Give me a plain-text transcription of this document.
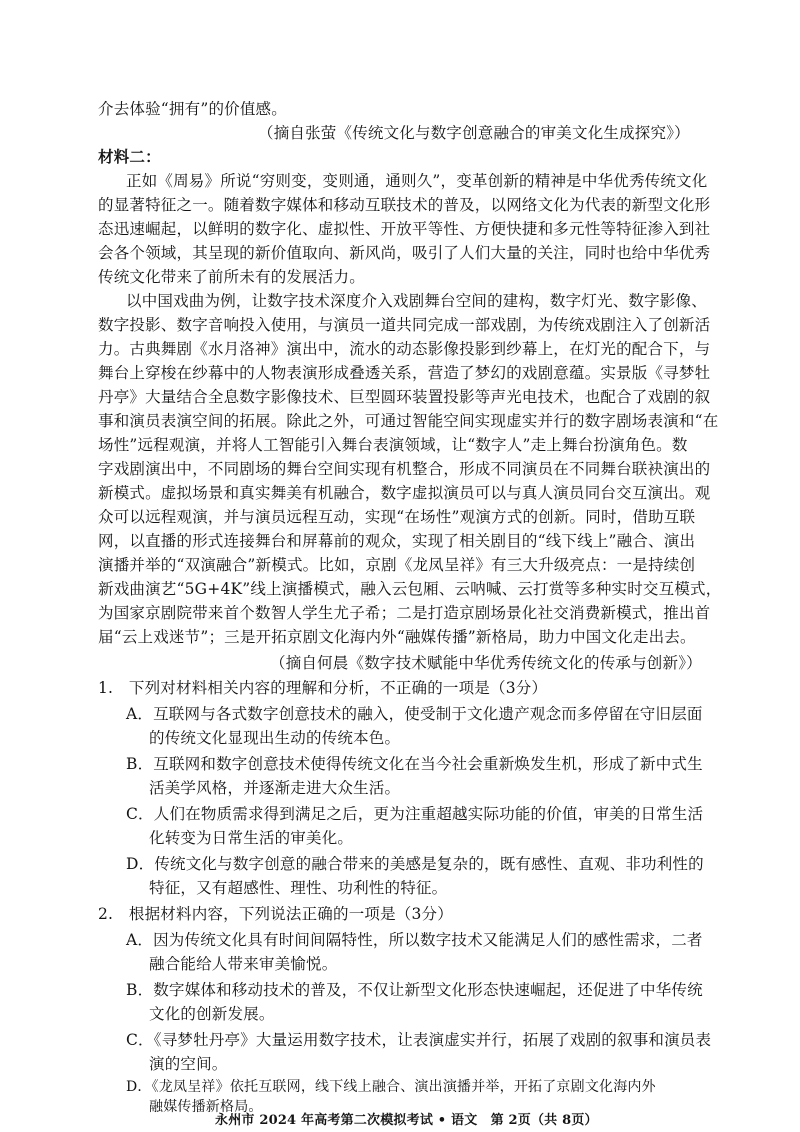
介去体验“拥有”的价值感。
（摘自张萤《传统文化与数字创意融合的审美文化生成探究》）
材料二：
正如《周易》所说“穷则变，变则通，通则久”，变革创新的精神是中华优秀传统文化
的显著特征之一。随着数字媒体和移动互联技术的普及，以网络文化为代表的新型文化形
态迅速崛起，以鲜明的数字化、虚拟性、开放平等性、方便快捷和多元性等特征渗入到社
会各个领域，其呈现的新价值取向、新风尚，吸引了人们大量的关注，同时也给中华优秀
传统文化带来了前所未有的发展活力。
以中国戏曲为例，让数字技术深度介入戏剧舞台空间的建构，数字灯光、数字影像、
数字投影、数字音响投入使用，与演员一道共同完成一部戏剧，为传统戏剧注入了创新活
力。古典舞剧《水月洛神》演出中，流水的动态影像投影到纱幕上，在灯光的配合下，与
舞台上穿梭在纱幕中的人物表演形成叠透关系，营造了梦幻的戏剧意蕴。实景版《寻梦牡
丹亭》大量结合全息数字影像技术、巨型圆环装置投影等声光电技术，也配合了戏剧的叙
事和演员表演空间的拓展。除此之外，可通过智能空间实现虚实并行的数字剧场表演和“在
场性”远程观演，并将人工智能引入舞台表演领域，让“数字人”走上舞台扮演角色。数
字戏剧演出中，不同剧场的舞台空间实现有机整合，形成不同演员在不同舞台联袂演出的
新模式。虚拟场景和真实舞美有机融合，数字虚拟演员可以与真人演员同台交互演出。观
众可以远程观演，并与演员远程互动，实现“在场性”观演方式的创新。同时，借助互联
网，以直播的形式连接舞台和屏幕前的观众，实现了相关剧目的“线下线上”融合、演出
演播并举的“双演融合”新模式。比如，京剧《龙凤呈祥》有三大升级亮点：一是持续创
新戏曲演艺“5G+4K”线上演播模式，融入云包厢、云呐喊、云打赏等多种实时交互模式，
为国家京剧院带来首个数智人学生尤子希；二是打造京剧场景化社交消费新模式，推出首
届“云上戏迷节”；三是开拓京剧文化海内外“融媒传播”新格局，助力中国文化走出去。
（摘自何晨《数字技术赋能中华优秀传统文化的传承与创新》）
1.　下列对材料相关内容的理解和分析，不正确的一项是（3分）
A．互联网与各式数字创意技术的融入，使受制于文化遗产观念而多停留在守旧层面
的传统文化显现出生动的传统本色。
B．互联网和数字创意技术使得传统文化在当今社会重新焕发生机，形成了新中式生
活美学风格，并逐渐走进大众生活。
C．人们在物质需求得到满足之后，更为注重超越实际功能的价值，审美的日常生活
化转变为日常生活的审美化。
D．传统文化与数字创意的融合带来的美感是复杂的，既有感性、直观、非功利性的
特征，又有超感性、理性、功利性的特征。
2.　根据材料内容，下列说法正确的一项是（3分）
A．因为传统文化具有时间间隔特性，所以数字技术又能满足人们的感性需求，二者
融合能给人带来审美愉悦。
B．数字媒体和移动技术的普及，不仅让新型文化形态快速崛起，还促进了中华传统
文化的创新发展。
C．《寻梦牡丹亭》大量运用数字技术，让表演虚实并行，拓展了戏剧的叙事和演员表
演的空间。
D．《龙凤呈祥》依托互联网，线下线上融合、演出演播并举，开拓了京剧文化海内外
融媒传播新格局。
永州市 2024 年高考第二次模拟考试 • 语文　第 2页（共 8页）
